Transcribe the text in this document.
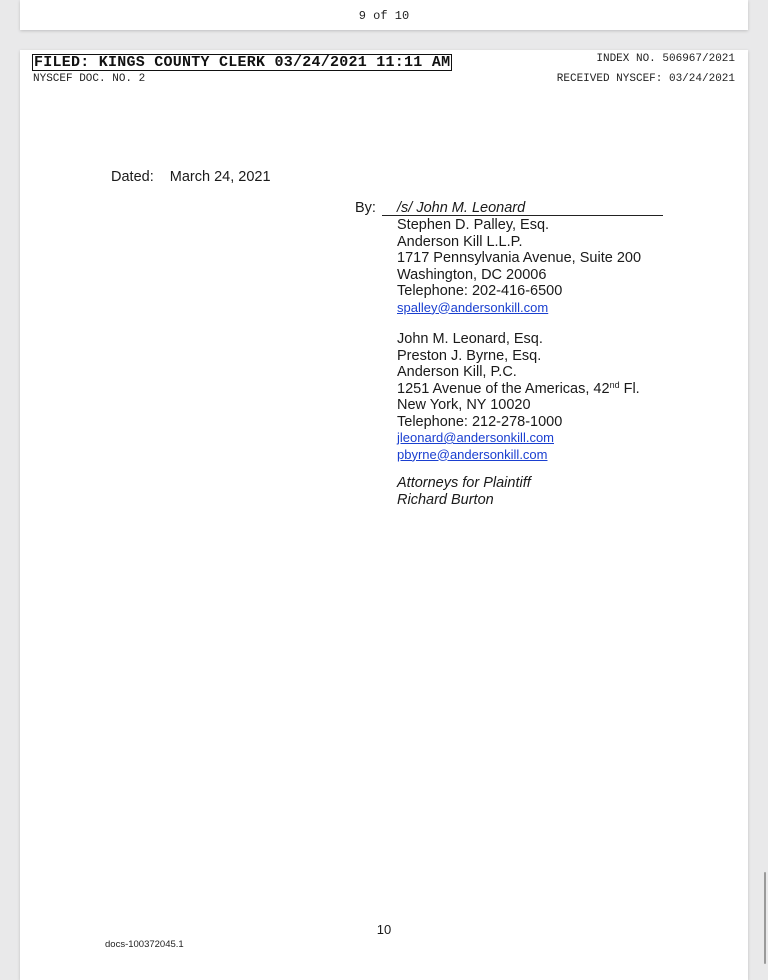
9 of 10
FILED: KINGS COUNTY CLERK 03/24/2021 11:11 AM
NYSCEF DOC. NO. 2
INDEX NO. 506967/2021
RECEIVED NYSCEF: 03/24/2021
Dated: March 24, 2021
By: /s/ John M. Leonard
Stephen D. Palley, Esq.
Anderson Kill L.L.P.
1717 Pennsylvania Avenue, Suite 200
Washington, DC 20006
Telephone: 202-416-6500
spalley@andersonkill.com
John M. Leonard, Esq.
Preston J. Byrne, Esq.
Anderson Kill, P.C.
1251 Avenue of the Americas, 42nd Fl.
New York, NY 10020
Telephone: 212-278-1000
jleonard@andersonkill.com
pbyrne@andersonkill.com
Attorneys for Plaintiff
Richard Burton
10
docs-100372045.1
